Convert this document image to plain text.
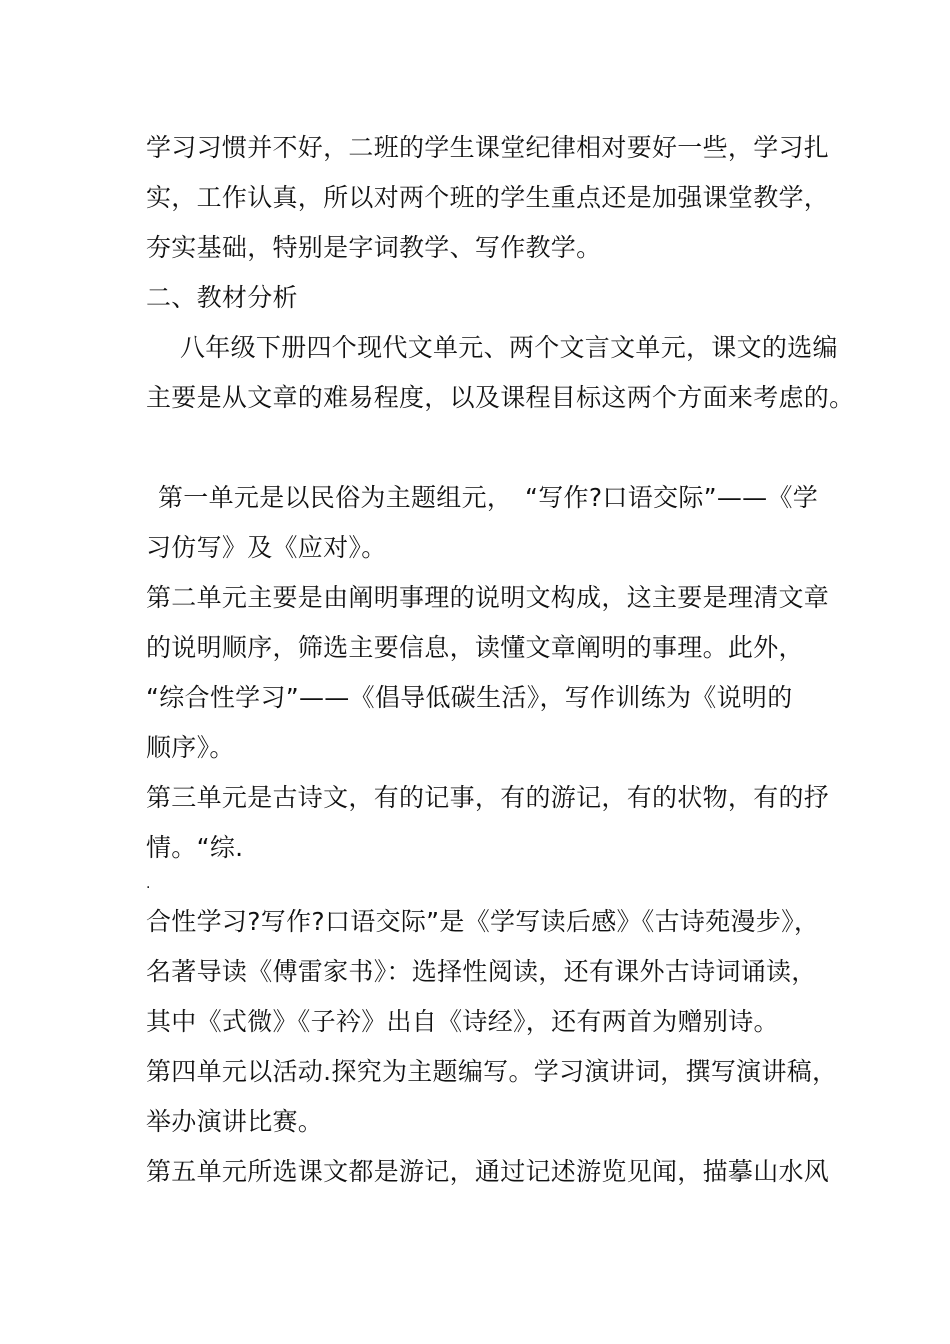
学习习惯并不好，二班的学生课堂纪律相对要好一些，学习扎
实，工作认真，所以对两个班的学生重点还是加强课堂教学，
夯实基础，特别是字词教学、写作教学。
二、教材分析
八年级下册四个现代文单元、两个文言文单元，课文的选编
主要是从文章的难易程度，以及课程目标这两个方面来考虑的。
第一单元是以民俗为主题组元，　“写作?口语交际”——《学
习仿写》及《应对》。
第二单元主要是由阐明事理的说明文构成，这主要是理清文章
的说明顺序，筛选主要信息，读懂文章阐明的事理。此外，
“综合性学习”——《倡导低碳生活》，写作训练为《说明的
顺序》。
第三单元是古诗文，有的记事，有的游记，有的状物，有的抒
情。“综.
.
合性学习?写作?口语交际”是《学写读后感》《古诗苑漫步》，
名著导读《傅雷家书》：选择性阅读，还有课外古诗词诵读，
其中《式微》《子衿》出自《诗经》，还有两首为赠别诗。
第四单元以活动.探究为主题编写。学习演讲词，撰写演讲稿，
举办演讲比赛。
第五单元所选课文都是游记，通过记述游览见闻，描摹山水风
